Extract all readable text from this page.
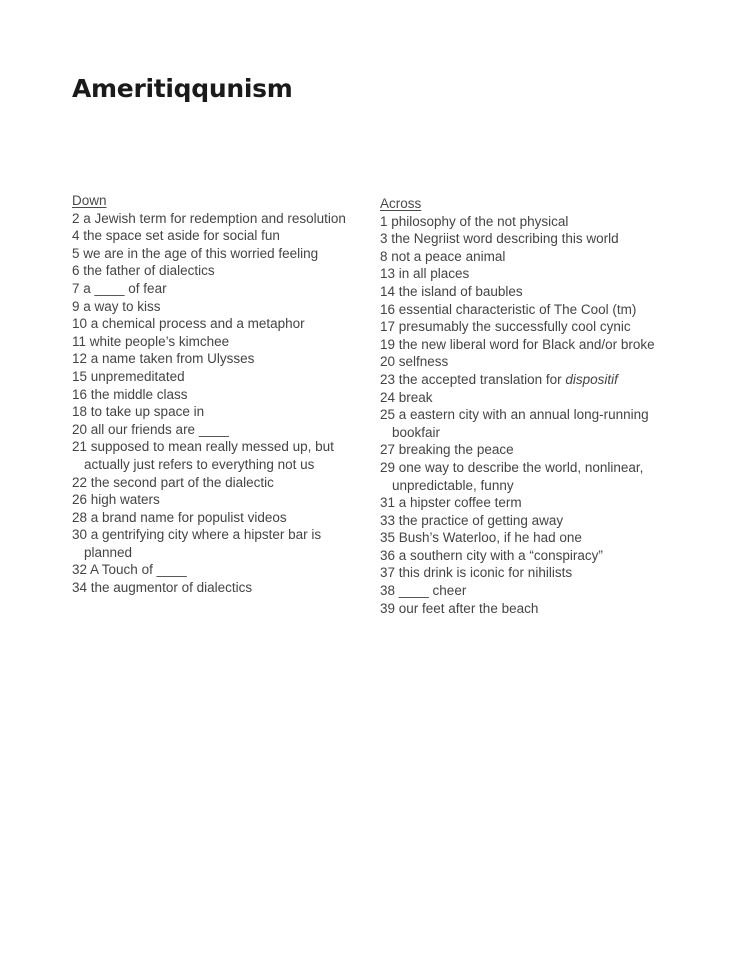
Ameritiqqunism
Down
2 a Jewish term for redemption and resolution
4 the space set aside for social fun
5 we are in the age of this worried feeling
6 the father of dialectics
7 a ____ of fear
9 a way to kiss
10 a chemical process and a metaphor
11 white people’s kimchee
12 a name taken from Ulysses
15 unpremeditated
16 the middle class
18 to take up space in
20 all our friends are ____
21 supposed to mean really messed up, but actually just refers to everything not us
22 the second part of the dialectic
26 high waters
28 a brand name for populist videos
30 a gentrifying city where a hipster bar is planned
32 A Touch of ____
34 the augmentor of dialectics
Across
1 philosophy of the not physical
3 the Negriist word describing this world
8 not a peace animal
13 in all places
14 the island of baubles
16 essential characteristic of The Cool (tm)
17 presumably the successfully cool cynic
19 the new liberal word for Black and/or broke
20 selfness
23 the accepted translation for dispositif
24 break
25 a eastern city with an annual long-running bookfair
27 breaking the peace
29 one way to describe the world, nonlinear, unpredictable, funny
31 a hipster coffee term
33 the practice of getting away
35 Bush’s Waterloo, if he had one
36 a southern city with a “conspiracy”
37 this drink is iconic for nihilists
38 ____ cheer
39 our feet after the beach
